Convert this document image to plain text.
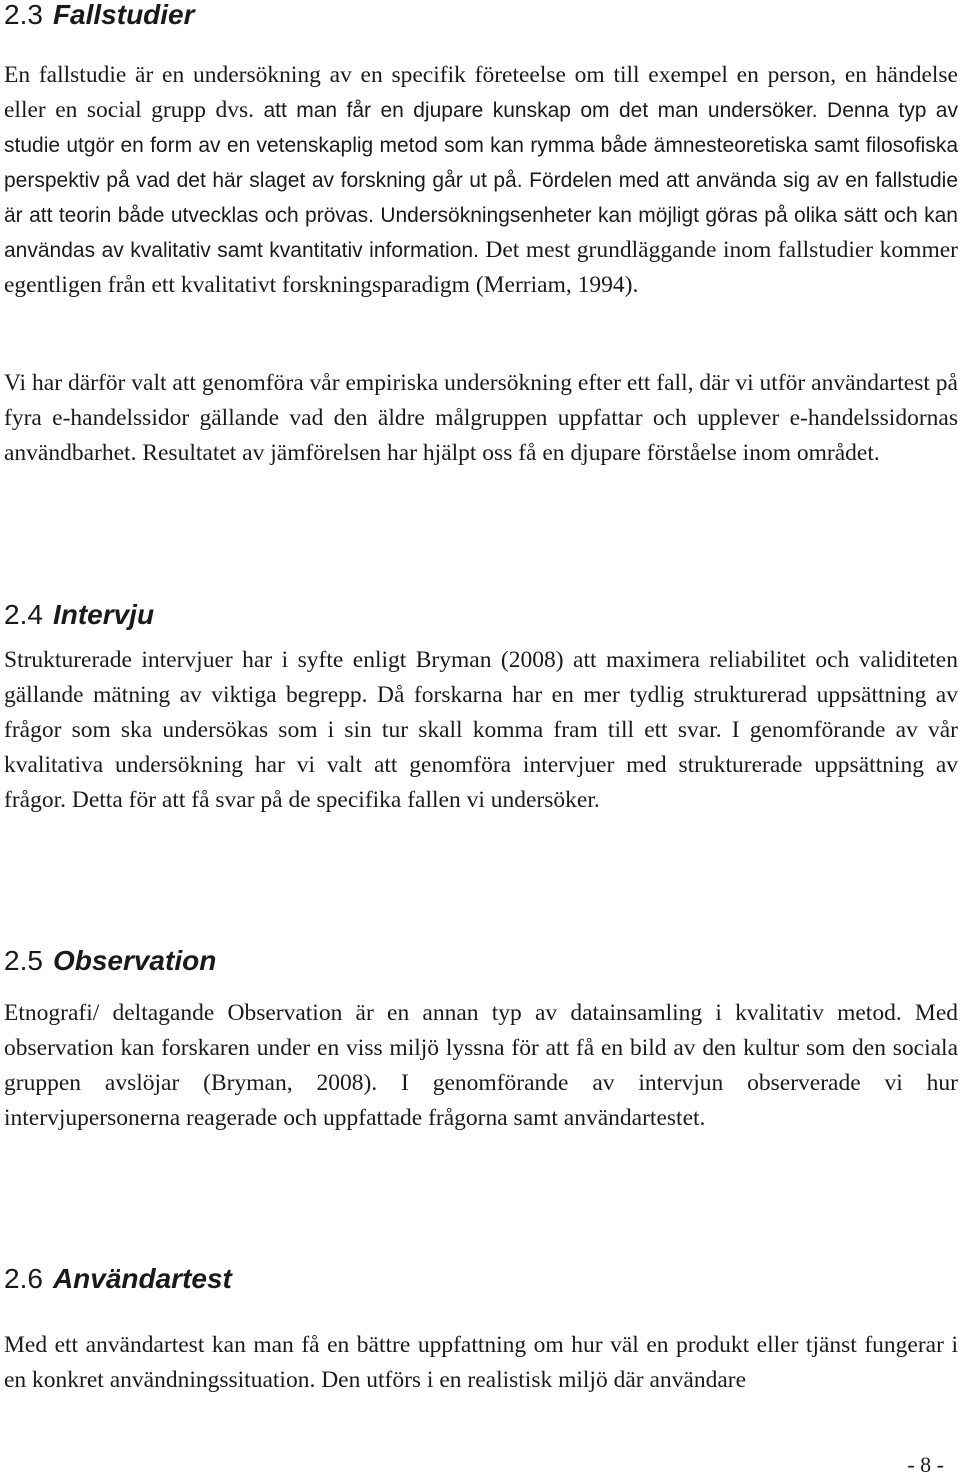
2.3 Fallstudier

En fallstudie är en undersökning av en specifik företeelse om till exempel en person, en händelse eller en social grupp dvs. att man får en djupare kunskap om det man undersöker. Denna typ av studie utgör en form av en vetenskaplig metod som kan rymma både ämnesteoretiska samt filosofiska perspektiv på vad det här slaget av forskning går ut på. Fördelen med att använda sig av en fallstudie är att teorin både utvecklas och prövas. Undersökningsenheter kan möjligt göras på olika sätt och kan användas av kvalitativ samt kvantitativ information. Det mest grundläggande inom fallstudier kommer egentligen från ett kvalitativt forskningsparadigm (Merriam, 1994).

Vi har därför valt att genomföra vår empiriska undersökning efter ett fall, där vi utför användartest på fyra e-handelssidor gällande vad den äldre målgruppen uppfattar och upplever e-handelssidornas användbarhet. Resultatet av jämförelsen har hjälpt oss få en djupare förståelse inom området.

2.4 Intervju

Strukturerade intervjuer har i syfte enligt Bryman (2008) att maximera reliabilitet och validiteten gällande mätning av viktiga begrepp. Då forskarna har en mer tydlig strukturerad uppsättning av frågor som ska undersökas som i sin tur skall komma fram till ett svar. I genomförande av vår kvalitativa undersökning har vi valt att genomföra intervjuer med strukturerade uppsättning av frågor. Detta för att få svar på de specifika fallen vi undersöker.

2.5 Observation

Etnografi/ deltagande Observation är en annan typ av datainsamling i kvalitativ metod. Med observation kan forskaren under en viss miljö lyssna för att få en bild av den kultur som den sociala gruppen avslöjar (Bryman, 2008). I genomförande av intervjun observerade vi hur intervjupersonerna reagerade och uppfattade frågorna samt användartestet.

2.6 Användartest

Med ett användartest kan man få en bättre uppfattning om hur väl en produkt eller tjänst fungerar i en konkret användningssituation. Den utförs i en realistisk miljö där användare

- 8 -
